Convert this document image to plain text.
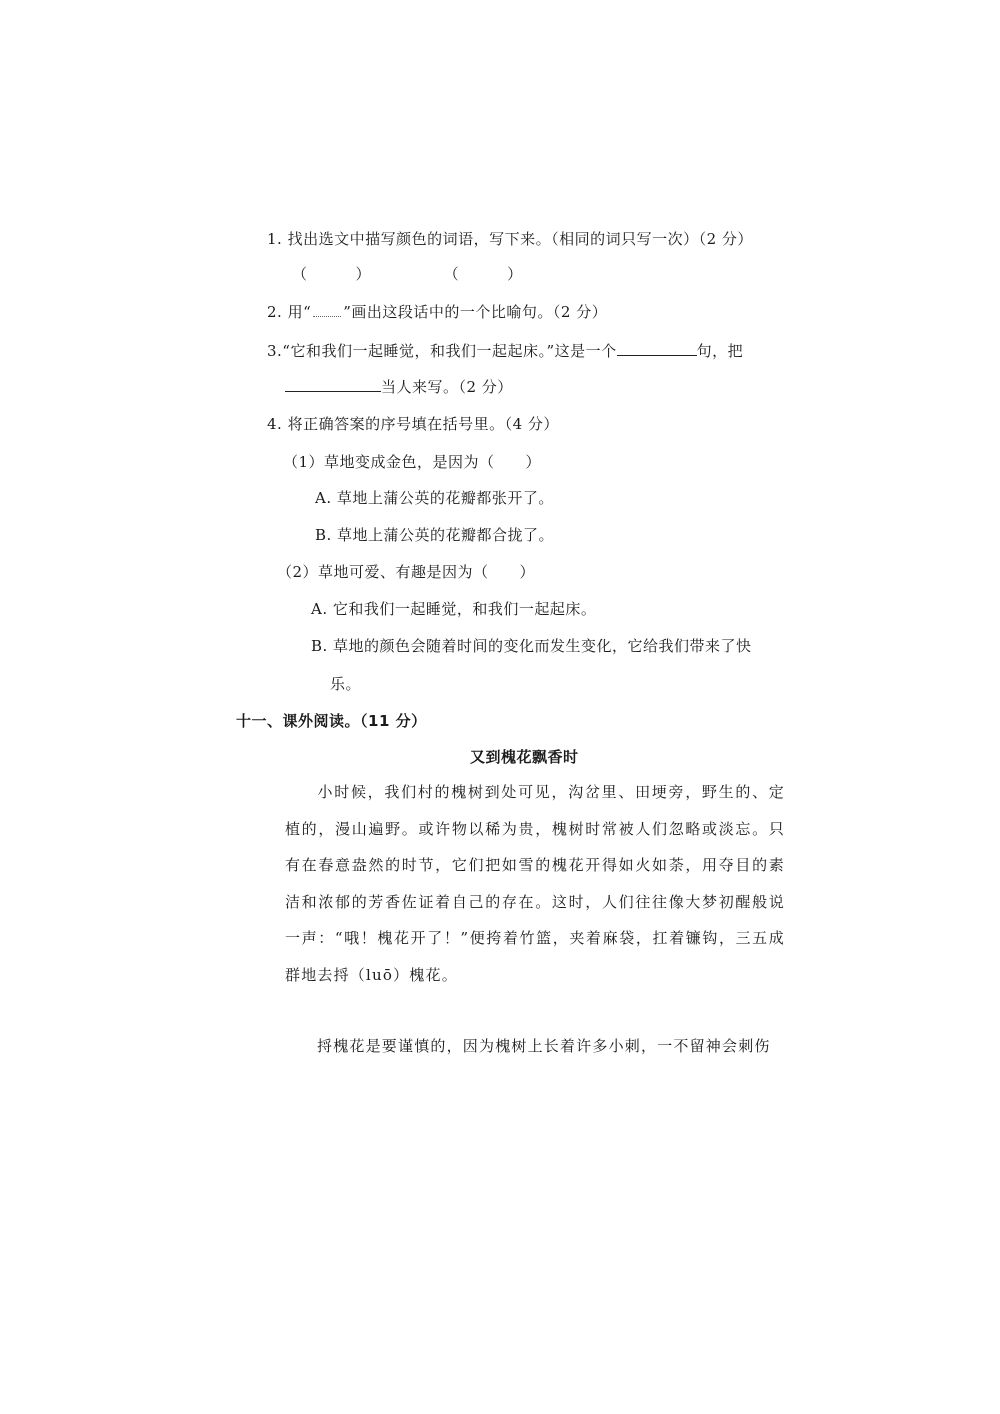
1. 找出选文中描写颜色的词语，写下来。（相同的词只写一次）（2 分）
（	）	（	）
2. 用“ ”画出这段话中的一个比喻句。（2 分）
3.“它和我们一起睡觉，和我们一起起床。”这是一个	句，把
当人来写。（2 分）
4. 将正确答案的序号填在括号里。（4 分）
（1）草地变成金色，是因为（　　）
A. 草地上蒲公英的花瓣都张开了。
B. 草地上蒲公英的花瓣都合拢了。
（2）草地可爱、有趣是因为（　　）
A. 它和我们一起睡觉，和我们一起起床。
B. 草地的颜色会随着时间的变化而发生变化，它给我们带来了快
乐。
十一、课外阅读。（11 分）
又到槐花飘香时
小时候，我们村的槐树到处可见，沟岔里、田埂旁，野生的、定植的，漫山遍野。或许物以稀为贵，槐树时常被人们忽略或淡忘。只有在春意盎然的时节，它们把如雪的槐花开得如火如荼，用夺目的素洁和浓郁的芳香佐证着自己的存在。这时，人们往往像大梦初醒般说一声：“哦！槐花开了！”便挎着竹篮，夹着麻袋，扛着镰钩，三五成群地去捋（luō）槐花。
捋槐花是要谨慎的，因为槐树上长着许多小刺，一不留神会刺伤
